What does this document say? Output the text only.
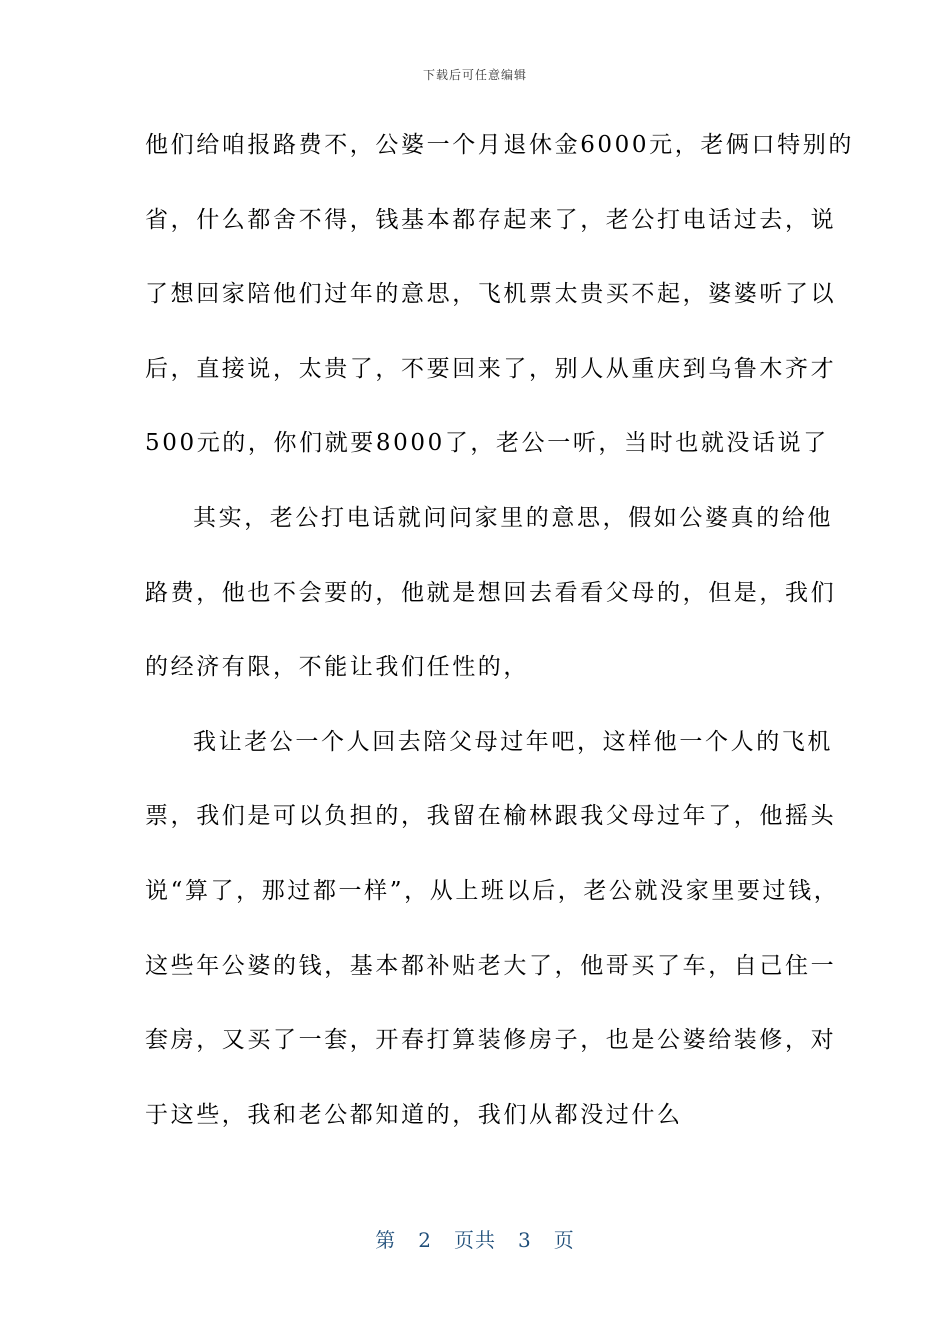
下载后可任意编辑
他们给咱报路费不，公婆一个月退休金6000元，老俩口特别的
省，什么都舍不得，钱基本都存起来了，老公打电话过去，说
了想回家陪他们过年的意思，飞机票太贵买不起，婆婆听了以
后，直接说，太贵了，不要回来了，别人从重庆到乌鲁木齐才
500元的，你们就要8000了，老公一听，当时也就没话说了
其实，老公打电话就问问家里的意思，假如公婆真的给他
路费，他也不会要的，他就是想回去看看父母的，但是，我们
的经济有限，不能让我们任性的，
我让老公一个人回去陪父母过年吧，这样他一个人的飞机
票，我们是可以负担的，我留在榆林跟我父母过年了，他摇头
说“算了，那过都一样”，从上班以后，老公就没家里要过钱，
这些年公婆的钱，基本都补贴老大了，他哥买了车，自己住一
套房，又买了一套，开春打算装修房子，也是公婆给装修，对
于这些，我和老公都知道的，我们从都没过什么
第 2 页共 3 页
